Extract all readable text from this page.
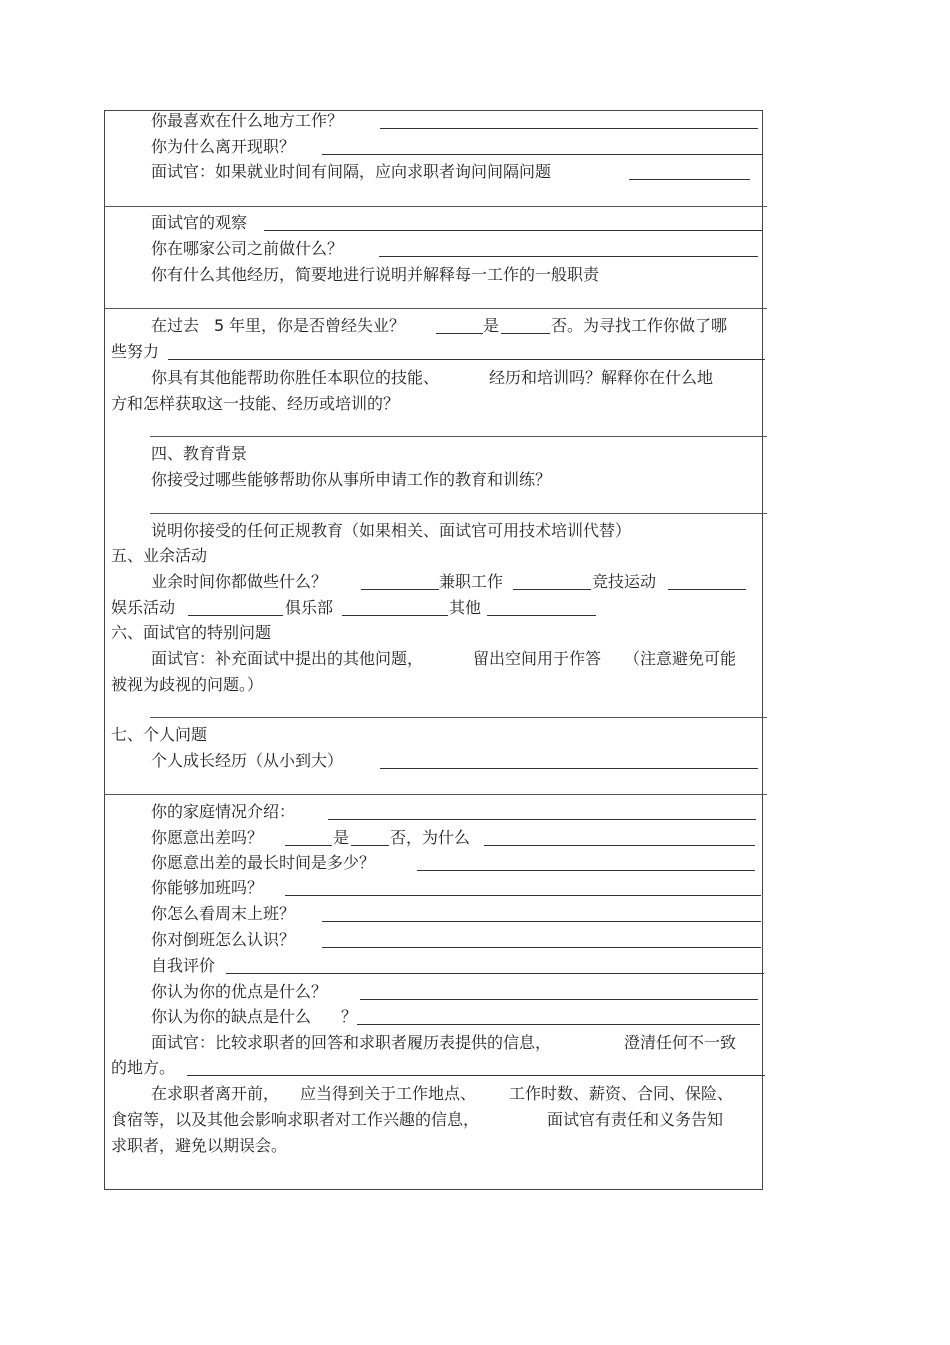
你最喜欢在什么地方工作？
你为什么离开现职？
面试官：如果就业时间有间隔，应向求职者询问间隔问题
面试官的观察
你在哪家公司之前做什么？
你有什么其他经历，简要地进行说明并解释每一工作的一般职责
在过去 5 年里，你是否曾经失业？	是	否。为寻找工作你做了哪
些努力
你具有其他能帮助你胜任本职位的技能、	经历和培训吗？解释你在什么地
方和怎样获取这一技能、经历或培训的？
四、教育背景
你接受过哪些能够帮助你从事所申请工作的教育和训练？
说明你接受的任何正规教育（如果相关、面试官可用技术培训代替）
五、业余活动
业余时间你都做些什么？	兼职工作	竞技运动
娱乐活动	俱乐部	其他
六、面试官的特别问题
面试官：补充面试中提出的其他问题，	留出空间用于作答 （注意避免可能
被视为歧视的问题。）
七、个人问题
个人成长经历（从小到大）
你的家庭情况介绍：
你愿意出差吗？	是	否，为什么
你愿意出差的最长时间是多少？
你能够加班吗？
你怎么看周末上班？
你对倒班怎么认识？
自我评价
你认为你的优点是什么？
你认为你的缺点是什么 ？
面试官：比较求职者的回答和求职者履历表提供的信息，	澄清任何不一致
的地方。
在求职者离开前， 应当得到关于工作地点、 工作时数、薪资、合同、保险、
食宿等，以及其他会影响求职者对工作兴趣的信息，	面试官有责任和义务告知
求职者，避免以期误会。
